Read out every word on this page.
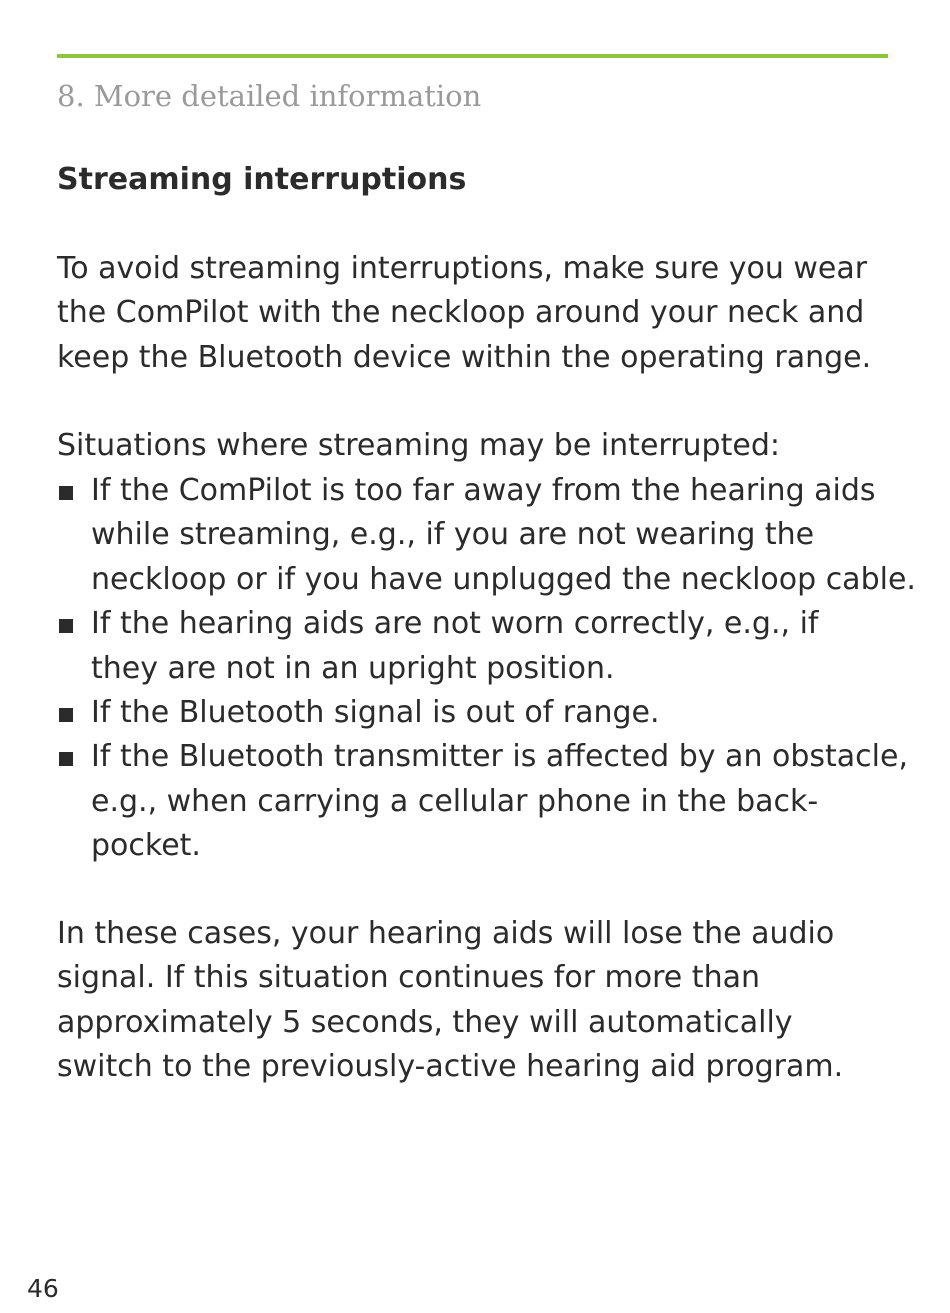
8. More detailed information
Streaming interruptions
To avoid streaming interruptions, make sure you wear
the ComPilot with the neckloop around your neck and
keep the Bluetooth device within the operating range.
Situations where streaming may be interrupted:
If the ComPilot is too far away from the hearing aids
while streaming, e.g., if you are not wearing the
neckloop or if you have unplugged the neckloop cable.
If the hearing aids are not worn correctly, e.g., if
they are not in an upright position.
If the Bluetooth signal is out of range.
If the Bluetooth transmitter is affected by an obstacle,
e.g., when carrying a cellular phone in the back-
pocket.
In these cases, your hearing aids will lose the audio
signal. If this situation continues for more than
approximately 5 seconds, they will automatically
switch to the previously-active hearing aid program.
46
